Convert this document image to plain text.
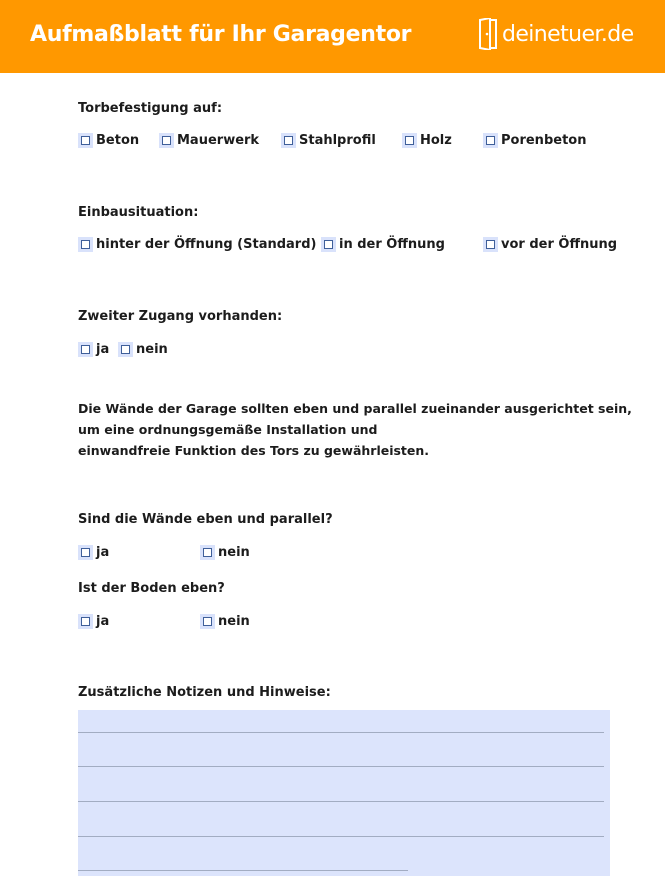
Aufmaßblatt für Ihr Garagentor	deinetuer.de
Torbefestigung auf:
Beton	Mauerwerk	Stahlprofil	Holz	Porenbeton
Einbausituation:
hinter der Öffnung (Standard) in der Öffnung	vor der Öffnung
Zweiter Zugang vorhanden:
ja nein
Die Wände der Garage sollten eben und parallel zueinander ausgerichtet sein,
um eine ordnungsgemäße Installation und
einwandfreie Funktion des Tors zu gewährleisten.
Sind die Wände eben und parallel?
ja	nein
Ist der Boden eben?
ja	nein
Zusätzliche Notizen und Hinweise:
